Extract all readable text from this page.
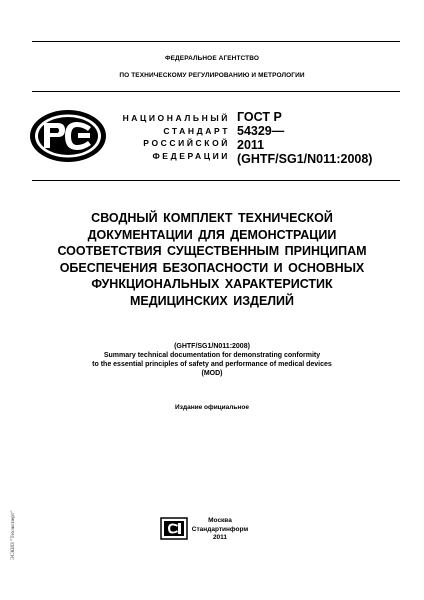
ФЕДЕРАЛЬНОЕ АГЕНТСТВО
ПО ТЕХНИЧЕСКОМУ РЕГУЛИРОВАНИЮ И МЕТРОЛОГИИ
НАЦИОНАЛЬНЫЙ
СТАНДАРТ
РОССИЙСКОЙ
ФЕДЕРАЦИИ
ГОСТ Р
54329 —
2011
(GHTF/SG1/N011:2008)
СВОДНЫЙ КОМПЛЕКТ ТЕХНИЧЕСКОЙ
ДОКУМЕНТАЦИИ ДЛЯ ДЕМОНСТРАЦИИ
СООТВЕТСТВИЯ СУЩЕСТВЕННЫМ ПРИНЦИПАМ
ОБЕСПЕЧЕНИЯ БЕЗОПАСНОСТИ И ОСНОВНЫХ
ФУНКЦИОНАЛЬНЫХ ХАРАКТЕРИСТИК
МЕДИЦИНСКИХ ИЗДЕЛИЙ
(GHTF/SG1/N011:2008)
Summary technical documentation for demonstrating conformity
to the essential principles of safety and performance of medical devices
(MOD)
Издание официальное
Москва
Стандартинформ
2011
ЭСКИЗ "Техэксперт"
